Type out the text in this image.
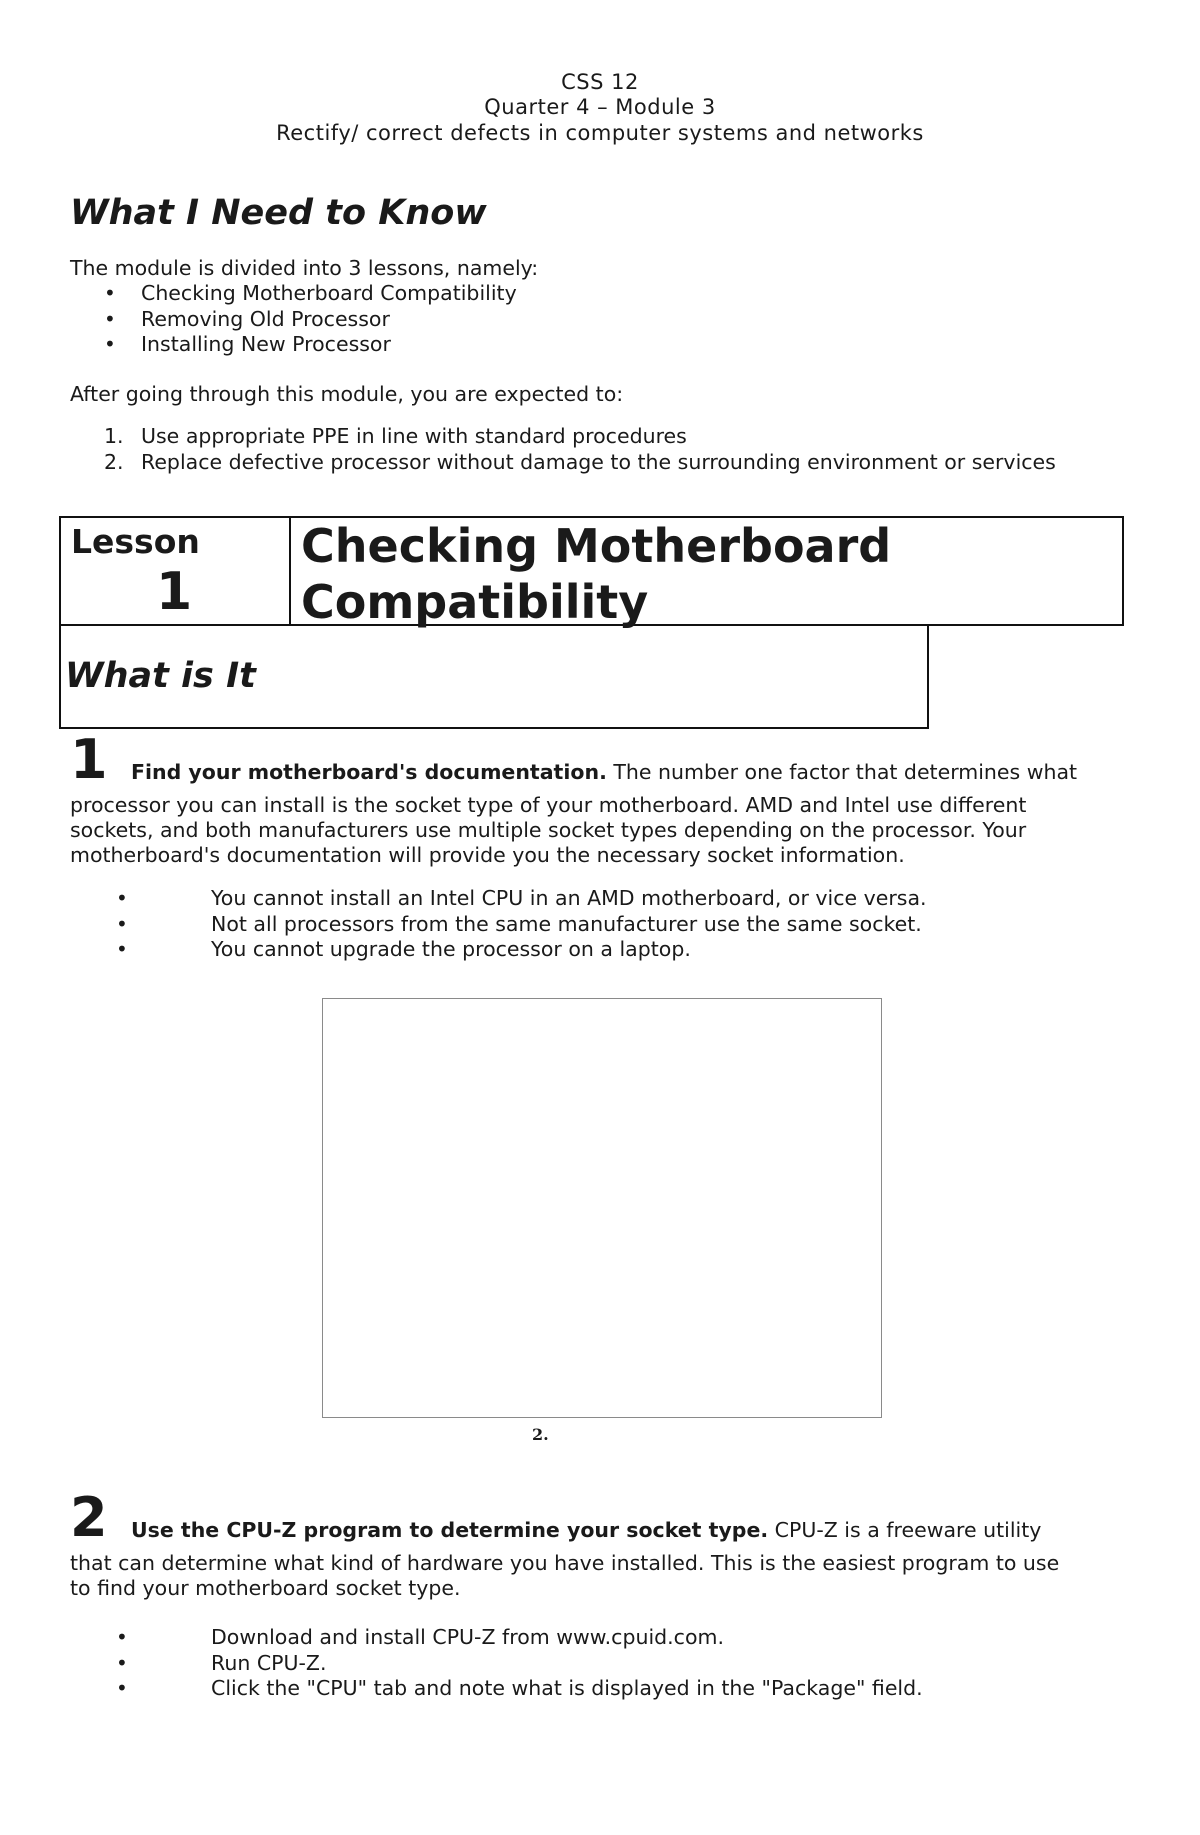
CSS 12
Quarter 4 – Module 3
Rectify/ correct defects in computer systems and networks
What I Need to Know
The module is divided into 3 lessons, namely:
• Checking Motherboard Compatibility
• Removing Old Processor
• Installing New Processor
After going through this module, you are expected to:
1. Use appropriate PPE in line with standard procedures
2. Replace defective processor without damage to the surrounding environment or services
Lesson
1
Checking Motherboard
Compatibility
What is It
1 Find your motherboard's documentation. The number one factor that determines what
processor you can install is the socket type of your motherboard. AMD and Intel use different
sockets, and both manufacturers use multiple socket types depending on the processor. Your
motherboard's documentation will provide you the necessary socket information.
•	You cannot install an Intel CPU in an AMD motherboard, or vice versa.
•	Not all processors from the same manufacturer use the same socket.
•	You cannot upgrade the processor on a laptop.
2.
2 Use the CPU-Z program to determine your socket type. CPU-Z is a freeware utility
that can determine what kind of hardware you have installed. This is the easiest program to use
to find your motherboard socket type.
•	Download and install CPU-Z from www.cpuid.com.
•	Run CPU-Z.
•	Click the "CPU" tab and note what is displayed in the "Package" field.
